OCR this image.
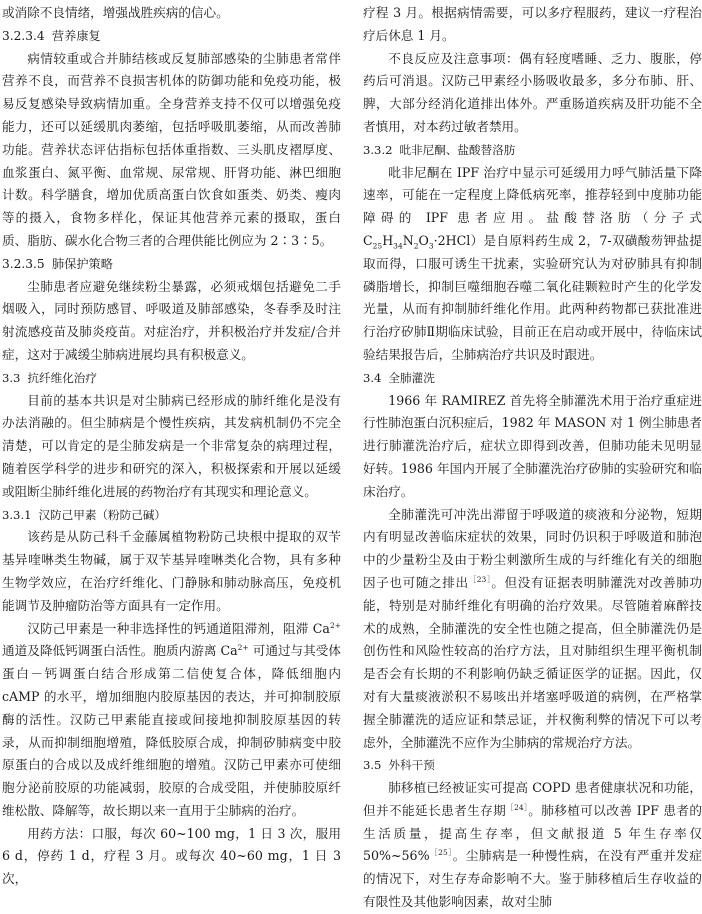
或消除不良情绪，增强战胜疾病的信心。

3.2.3.4 营养康复

病情较重或合并肺结核或反复肺部感染的尘肺患者常伴营养不良，而营养不良损害机体的防御功能和免疫功能，极易反复感染导致病情加重。全身营养支持不仅可以增强免疫能力，还可以延缓肌肉萎缩，包括呼吸肌萎缩，从而改善肺功能。营养状态评估指标包括体重指数、三头肌皮褶厚度、血浆蛋白、氮平衡、血常规、尿常规、肝肾功能、淋巴细胞计数。科学膳食，增加优质高蛋白饮食如蛋类、奶类、瘦肉等的摄入，食物多样化，保证其他营养元素的摄取，蛋白质、脂肪、碳水化合物三者的合理供能比例应为 2∶3∶5。

3.2.3.5 肺保护策略

尘肺患者应避免继续粉尘暴露，必须戒烟包括避免二手烟吸入，同时预防感冒、呼吸道及肺部感染，冬春季及时注射流感疫苗及肺炎疫苗。对症治疗，并积极治疗并发症/合并症，这对于减缓尘肺病进展均具有积极意义。

3.3 抗纤维化治疗

目前的基本共识是对尘肺病已经形成的肺纤维化是没有办法消融的。但尘肺病是个慢性疾病，其发病机制仍不完全清楚，可以肯定的是尘肺发病是一个非常复杂的病理过程，随着医学科学的进步和研究的深入，积极探索和开展以延缓或阻断尘肺纤维化进展的药物治疗有其现实和理论意义。

3.3.1 汉防己甲素（粉防己碱）

该药是从防己科千金藤属植物粉防己块根中提取的双苄基异喹啉类生物碱，属于双苄基异喹啉类化合物，具有多种生物学效应，在治疗纤维化、门静脉和肺动脉高压，免疫机能调节及肿瘤防治等方面具有一定作用。

汉防己甲素是一种非选择性的钙通道阻滞剂，阻滞 $Ca^{2+}$ 通道及降低钙调蛋白活性。胞质内游离 $Ca^{2+}$ 可通过与其受体蛋白－钙调蛋白结合形成第二信使复合体，降低细胞内 cAMP 的水平，增加细胞内胶原基因的表达，并可抑制胶原酶的活性。汉防己甲素能直接或间接地抑制胶原基因的转录，从而抑制细胞增殖，降低胶原合成，抑制矽肺病变中胶原蛋白的合成以及成纤维细胞的增殖。汉防己甲素亦可使细胞分泌前胶原的功能减弱，胶原的合成受阻，并使肺胶原纤维松散、降解等，故长期以来一直用于尘肺病的治疗。

用药方法：口服，每次 60~100 mg，1 日 3 次，服用 6 d，停药 1 d，疗程 3 月。或每次 40~60 mg，1 日 3 次，

疗程 3 月。根据病情需要，可以多疗程服药，建议一疗程治疗后休息 1 月。

不良反应及注意事项：偶有轻度嗜睡、乏力、腹胀，停药后可消退。汉防己甲素经小肠吸收最多，多分布肺、肝、脾，大部分经消化道排出体外。严重肠道疾病及肝功能不全者慎用，对本药过敏者禁用。

3.3.2 吡非尼酮、盐酸替洛肪

吡非尼酮在 IPF 治疗中显示可延缓用力呼气肺活量下降速率，可能在一定程度上降低病死率，推荐轻到中度肺功能障碍的 IPF 患者应用。盐酸替洛肪（分子式 $C_{25}H_{34}N_2O_3\cdot 2HCl$）是自原料药生成 2，7-双磺酸芴钾盐提取而得，口服可诱生干扰素，实验研究认为对矽肺具有抑制磷脂增长，抑制巨噬细胞吞噬二氧化硅颗粒时产生的化学发光量，从而有抑制肺纤维化作用。此两种药物都已获批准进行治疗矽肺Ⅱ期临床试验，目前正在启动或开展中，待临床试验结果报告后，尘肺病治疗共识及时跟进。

3.4 全肺灌洗

1966 年 RAMIREZ 首先将全肺灌洗术用于治疗重症进行性肺泡蛋白沉积症后，1982 年 MASON 对 1 例尘肺患者进行肺灌洗治疗后，症状立即得到改善，但肺功能未见明显好转。1986 年国内开展了全肺灌洗治疗矽肺的实验研究和临床治疗。

全肺灌洗可冲洗出滞留于呼吸道的痰液和分泌物，短期内有明显改善临床症状的效果，同时仍识积于呼吸道和肺泡中的少量粉尘及由于粉尘刺激所生成的与纤维化有关的细胞因子也可随之排出$^{[23]}$。但没有证据表明肺灌洗对改善肺功能，特别是对肺纤维化有明确的治疗效果。尽管随着麻醉技术的成熟，全肺灌洗的安全性也随之提高，但全肺灌洗仍是创伤性和风险性较高的治疗方法，且对肺组织生理平衡机制是否会有长期的不利影响仍缺乏循证医学的证据。因此，仅对有大量痰液淤积不易咳出并堵塞呼吸道的病例，在严格掌握全肺灌洗的适应证和禁忌证，并权衡利弊的情况下可以考虑外，全肺灌洗不应作为尘肺病的常规治疗方法。

3.5 外科干预

肺移植已经被证实可提高 COPD 患者健康状况和功能，但并不能延长患者生存期$^{[24]}$。肺移植可以改善 IPF 患者的生活质量，提高生存率，但文献报道 5 年生存率仅 50%~56%$^{[25]}$。尘肺病是一种慢性病，在没有严重并发症的情况下，对生存寿命影响不大。鉴于肺移植后生存收益的有限性及其他影响因素，故对尘肺
